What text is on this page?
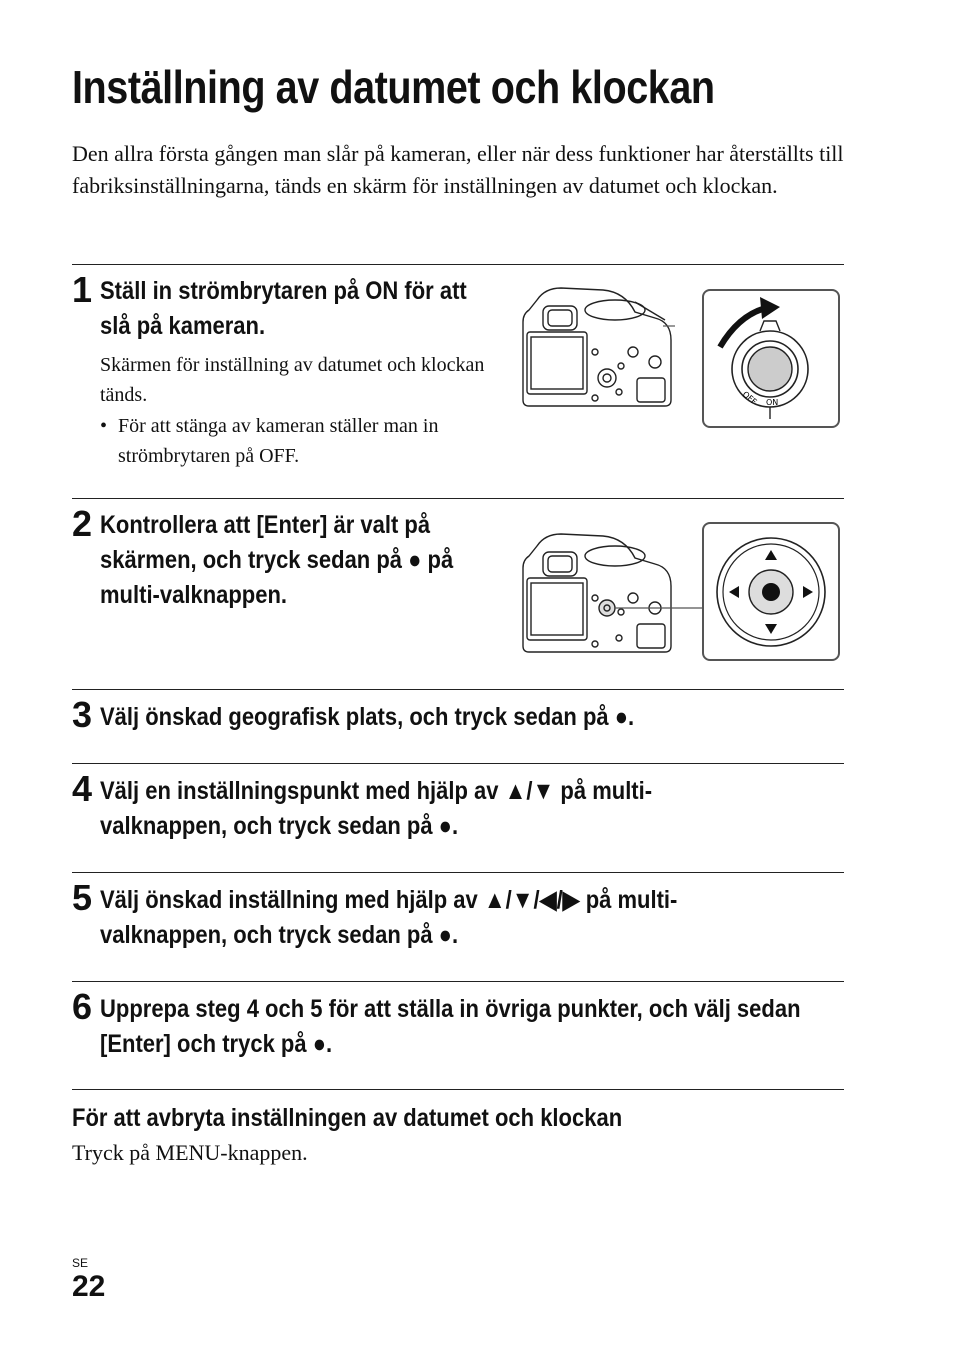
Inställning av datumet och klockan

Den allra första gången man slår på kameran, eller när dess funktioner har återställts till fabriksinställningarna, tänds en skärm för inställningen av datumet och klockan.

1 Ställ in strömbrytaren på ON för att slå på kameran.

Skärmen för inställning av datumet och klockan tänds.

• För att stänga av kameran ställer man in strömbrytaren på OFF.

OFF ON
2 Kontrollera att [Enter] är valt på skärmen, och tryck sedan på ● på multi-valknappen.

3 Välj önskad geografisk plats, och tryck sedan på ●.

4 Välj en inställningspunkt med hjälp av ▲/▼ på multi-valknappen, och tryck sedan på ●.

5 Välj önskad inställning med hjälp av ▲/▼/◀/▶ på multi-valknappen, och tryck sedan på ●.

6 Upprepa steg 4 och 5 för att ställa in övriga punkter, och välj sedan [Enter] och tryck på ●.

För att avbryta inställningen av datumet och klockan

Tryck på MENU-knappen.

SE
22
